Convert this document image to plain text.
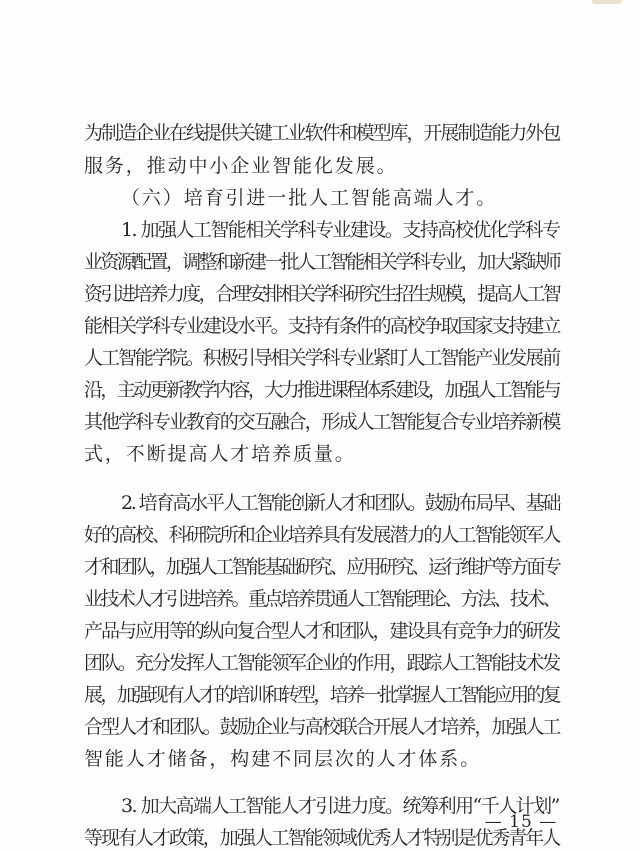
为制造企业在线提供关键工业软件和模型库，开展制造能力外包
服务，推动中小企业智能化发展。
（六）培育引进一批人工智能高端人才。
1. 加强人工智能相关学科专业建设。支持高校优化学科专
业资源配置，调整和新建一批人工智能相关学科专业，加大紧缺师
资引进培养力度，合理安排相关学科研究生招生规模，提高人工智
能相关学科专业建设水平。支持有条件的高校争取国家支持建立
人工智能学院。积极引导相关学科专业紧盯人工智能产业发展前
沿，主动更新教学内容，大力推进课程体系建设，加强人工智能与
其他学科专业教育的交互融合，形成人工智能复合专业培养新模
式，不断提高人才培养质量。
2. 培育高水平人工智能创新人才和团队。鼓励布局早、基础
好的高校、科研院所和企业培养具有发展潜力的人工智能领军人
才和团队，加强人工智能基础研究、应用研究、运行维护等方面专
业技术人才引进培养。重点培养贯通人工智能理论、方法、技术、
产品与应用等的纵向复合型人才和团队，建设具有竞争力的研发
团队。充分发挥人工智能领军企业的作用，跟踪人工智能技术发
展，加强现有人才的培训和转型，培养一批掌握人工智能应用的复
合型人才和团队。鼓励企业与高校联合开展人才培养，加强人工
智能人才储备，构建不同层次的人才体系。
3. 加大高端人工智能人才引进力度。统筹利用“千人计划”
等现有人才政策，加强人工智能领域优秀人才特别是优秀青年人
— 15 —
